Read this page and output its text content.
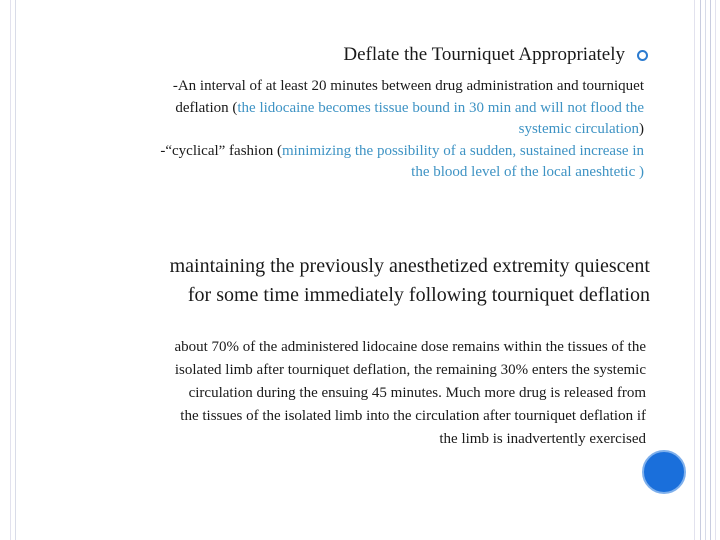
Deflate the Tourniquet Appropriately
-An interval of at least 20 minutes between drug administration and tourniquet
deflation (the lidocaine becomes tissue bound in 30 min and will not flood the
systemic circulation)
-“cyclical” fashion (minimizing the possibility of a sudden, sustained increase in
the blood level of the local aneshtetic )
maintaining the previously anesthetized extremity quiescent
for some time immediately following tourniquet deflation
about 70% of the administered lidocaine dose remains within the tissues of the
isolated limb after tourniquet deflation, the remaining 30% enters the systemic
circulation during the ensuing 45 minutes. Much more drug is released from
the tissues of the isolated limb into the circulation after tourniquet deflation if
the limb is inadvertently exercised
